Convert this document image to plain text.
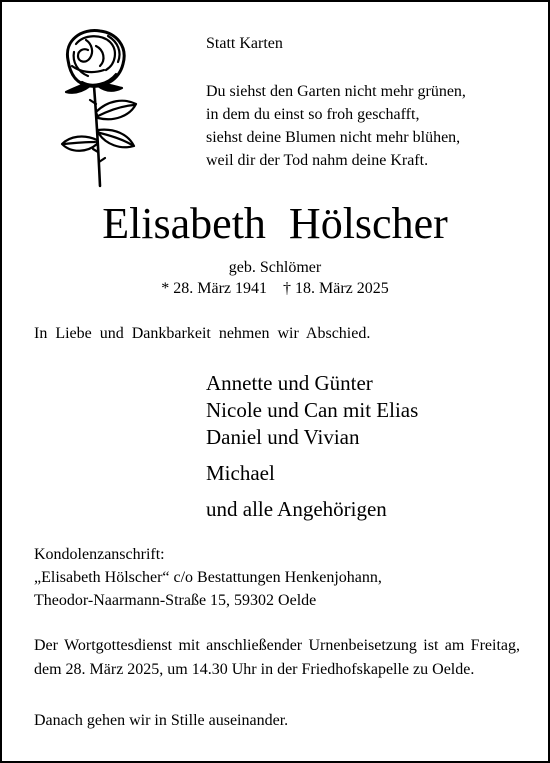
Statt Karten
Du siehst den Garten nicht mehr grünen,
in dem du einst so froh geschafft,
siehst deine Blumen nicht mehr blühen,
weil dir der Tod nahm deine Kraft.
Elisabeth Hölscher
geb. Schlömer
* 28. März 1941 † 18. März 2025
In Liebe und Dankbarkeit nehmen wir Abschied.
Annette und Günter
Nicole und Can mit Elias
Daniel und Vivian
Michael
und alle Angehörigen
Kondolenzanschrift:
„Elisabeth Hölscher“ c/o Bestattungen Henkenjohann,
Theodor-Naarmann-Straße 15, 59302 Oelde
Der Wortgottesdienst mit anschließender Urnenbeisetzung ist am Freitag, dem 28. März 2025, um 14.30 Uhr in der Friedhofskapelle zu Oelde.
Danach gehen wir in Stille auseinander.
